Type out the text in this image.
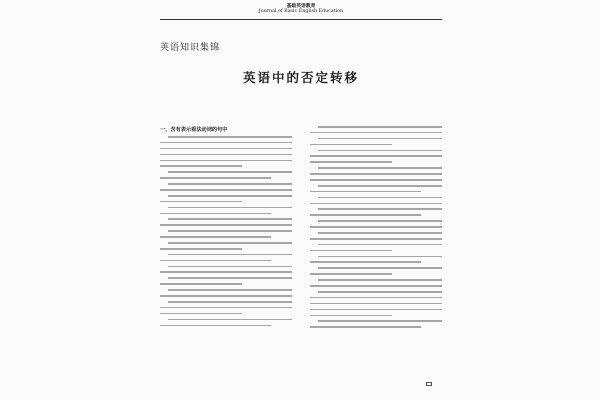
基础英语教育
Journal of Basic English Education
英语知识集锦
英语中的否定转移
一、含有表示看法动词的句中
